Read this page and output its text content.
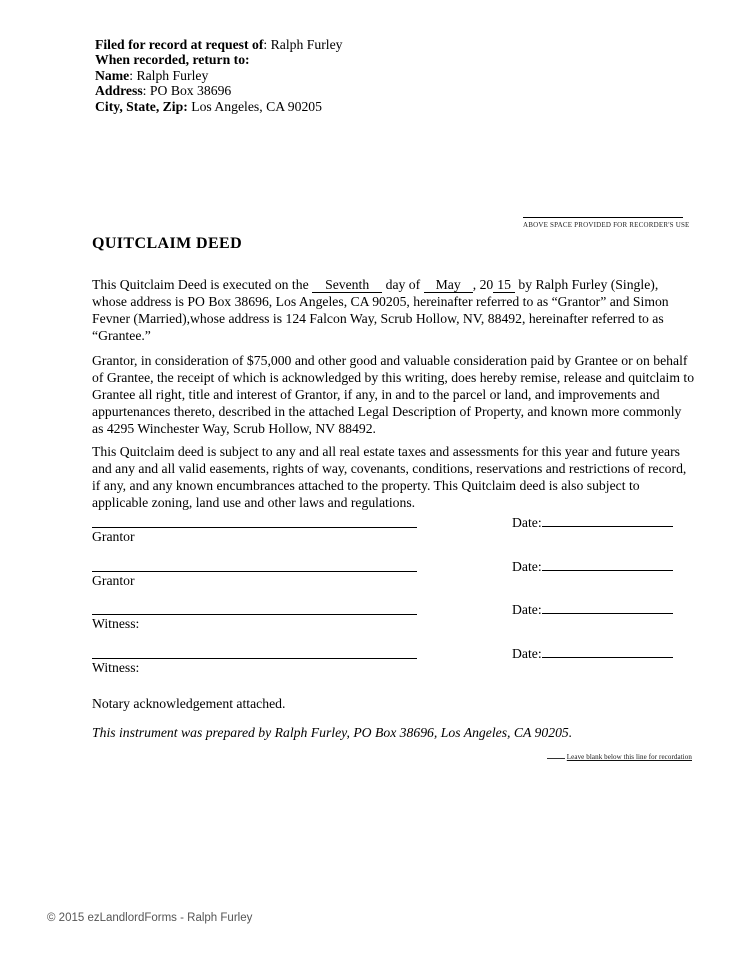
Filed for record at request of: Ralph Furley
When recorded, return to:
Name: Ralph Furley
Address: PO Box 38696
City, State, Zip: Los Angeles, CA 90205
ABOVE SPACE PROVIDED FOR RECORDER'S USE
QUITCLAIM DEED

This Quitclaim Deed is executed on the Seventh day of May , 20 15 by Ralph Furley (Single), whose address is PO Box 38696, Los Angeles, CA 90205, hereinafter referred to as “Grantor” and Simon Fevner (Married),whose address is 124 Falcon Way, Scrub Hollow, NV, 88492, hereinafter referred to as “Grantee.”

Grantor, in consideration of $75,000 and other good and valuable consideration paid by Grantee or on behalf of Grantee, the receipt of which is acknowledged by this writing, does hereby remise, release and quitclaim to Grantee all right, title and interest of Grantor, if any, in and to the parcel or land, and improvements and appurtenances thereto, described in the attached Legal Description of Property, and known more commonly as 4295 Winchester Way, Scrub Hollow, NV 88492.

This Quitclaim deed is subject to any and all real estate taxes and assessments for this year and future years and any and all valid easements, rights of way, covenants, conditions, reservations and restrictions of record, if any, and any known encumbrances attached to the property. This Quitclaim deed is also subject to applicable zoning, land use and other laws and regulations.

Date:
Grantor
Date:
Grantor
Date:
Witness:
Date:
Witness:
Notary acknowledgement attached.
This instrument was prepared by Ralph Furley, PO Box 38696, Los Angeles, CA 90205.
Leave blank below this line for recordation
© 2015 ezLandlordForms - Ralph Furley
